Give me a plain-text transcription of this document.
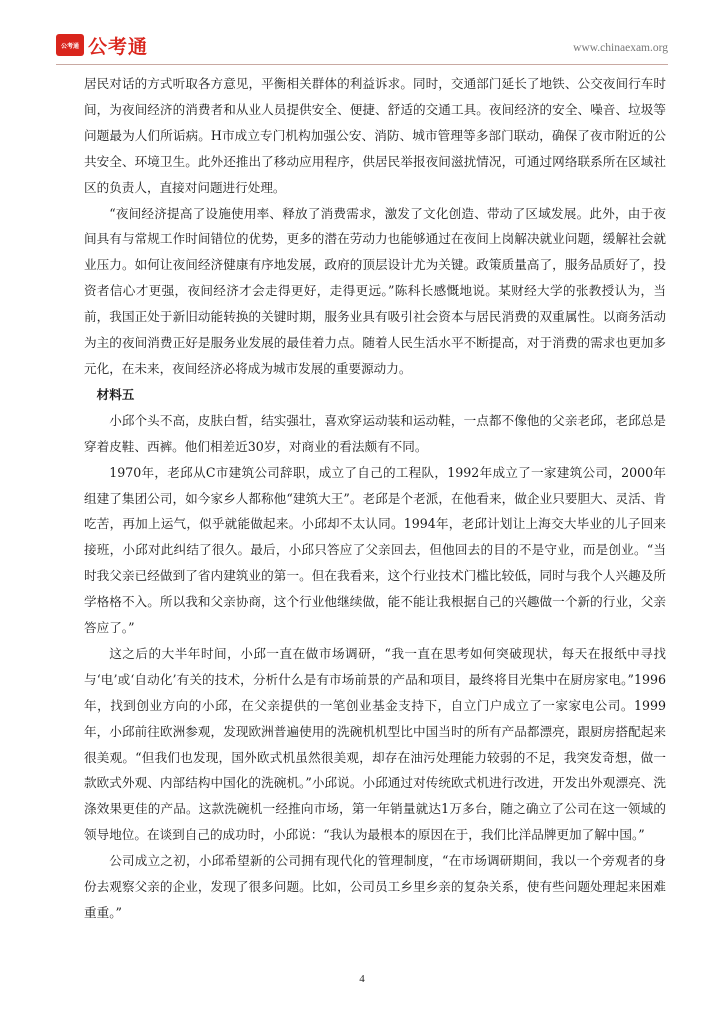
公考通 公考通	www.chinaexam.org

居民对话的方式听取各方意见，平衡相关群体的利益诉求。同时，交通部门延长了地铁、公交夜间行车时间，为夜间经济的消费者和从业人员提供安全、便捷、舒适的交通工具。夜间经济的安全、噪音、垃圾等问题最为人们所诟病。H市成立专门机构加强公安、消防、城市管理等多部门联动，确保了夜市附近的公共安全、环境卫生。此外还推出了移动应用程序，供居民举报夜间滋扰情况，可通过网络联系所在区域社区的负责人，直接对问题进行处理。

“夜间经济提高了设施使用率、释放了消费需求，激发了文化创造、带动了区域发展。此外，由于夜间具有与常规工作时间错位的优势，更多的潜在劳动力也能够通过在夜间上岗解决就业问题，缓解社会就业压力。如何让夜间经济健康有序地发展，政府的顶层设计尤为关键。政策质量高了，服务品质好了，投资者信心才更强，夜间经济才会走得更好，走得更远。”陈科长感慨地说。某财经大学的张教授认为，当前，我国正处于新旧动能转换的关键时期，服务业具有吸引社会资本与居民消费的双重属性。以商务活动为主的夜间消费正好是服务业发展的最佳着力点。随着人民生活水平不断提高，对于消费的需求也更加多元化，在未来，夜间经济必将成为城市发展的重要源动力。

材料五

小邱个头不高，皮肤白皙，结实强壮，喜欢穿运动装和运动鞋，一点都不像他的父亲老邱，老邱总是穿着皮鞋、西裤。他们相差近30岁，对商业的看法颇有不同。

1970年，老邱从C市建筑公司辞职，成立了自己的工程队，1992年成立了一家建筑公司，2000年组建了集团公司，如今家乡人都称他“建筑大王”。老邱是个老派，在他看来，做企业只要胆大、灵活、肯吃苦，再加上运气，似乎就能做起来。小邱却不太认同。1994年，老邱计划让上海交大毕业的儿子回来接班，小邱对此纠结了很久。最后，小邱只答应了父亲回去，但他回去的目的不是守业，而是创业。“当时我父亲已经做到了省内建筑业的第一。但在我看来，这个行业技术门槛比较低，同时与我个人兴趣及所学格格不入。所以我和父亲协商，这个行业他继续做，能不能让我根据自己的兴趣做一个新的行业，父亲答应了。”

这之后的大半年时间，小邱一直在做市场调研，“我一直在思考如何突破现状，每天在报纸中寻找与‘电’或‘自动化’有关的技术，分析什么是有市场前景的产品和项目，最终将目光集中在厨房家电。”1996年，找到创业方向的小邱，在父亲提供的一笔创业基金支持下，自立门户成立了一家家电公司。1999年，小邱前往欧洲参观，发现欧洲普遍使用的洗碗机机型比中国当时的所有产品都漂亮，跟厨房搭配起来很美观。“但我们也发现，国外欧式机虽然很美观，却存在油污处理能力较弱的不足，我突发奇想，做一款欧式外观、内部结构中国化的洗碗机。”小邱说。小邱通过对传统欧式机进行改进，开发出外观漂亮、洗涤效果更佳的产品。这款洗碗机一经推向市场，第一年销量就达1万多台，随之确立了公司在这一领域的领导地位。在谈到自己的成功时，小邱说：“我认为最根本的原因在于，我们比洋品牌更加了解中国。”

公司成立之初，小邱希望新的公司拥有现代化的管理制度，“在市场调研期间，我以一个旁观者的身份去观察父亲的企业，发现了很多问题。比如，公司员工乡里乡亲的复杂关系，使有些问题处理起来困难重重。”

4
